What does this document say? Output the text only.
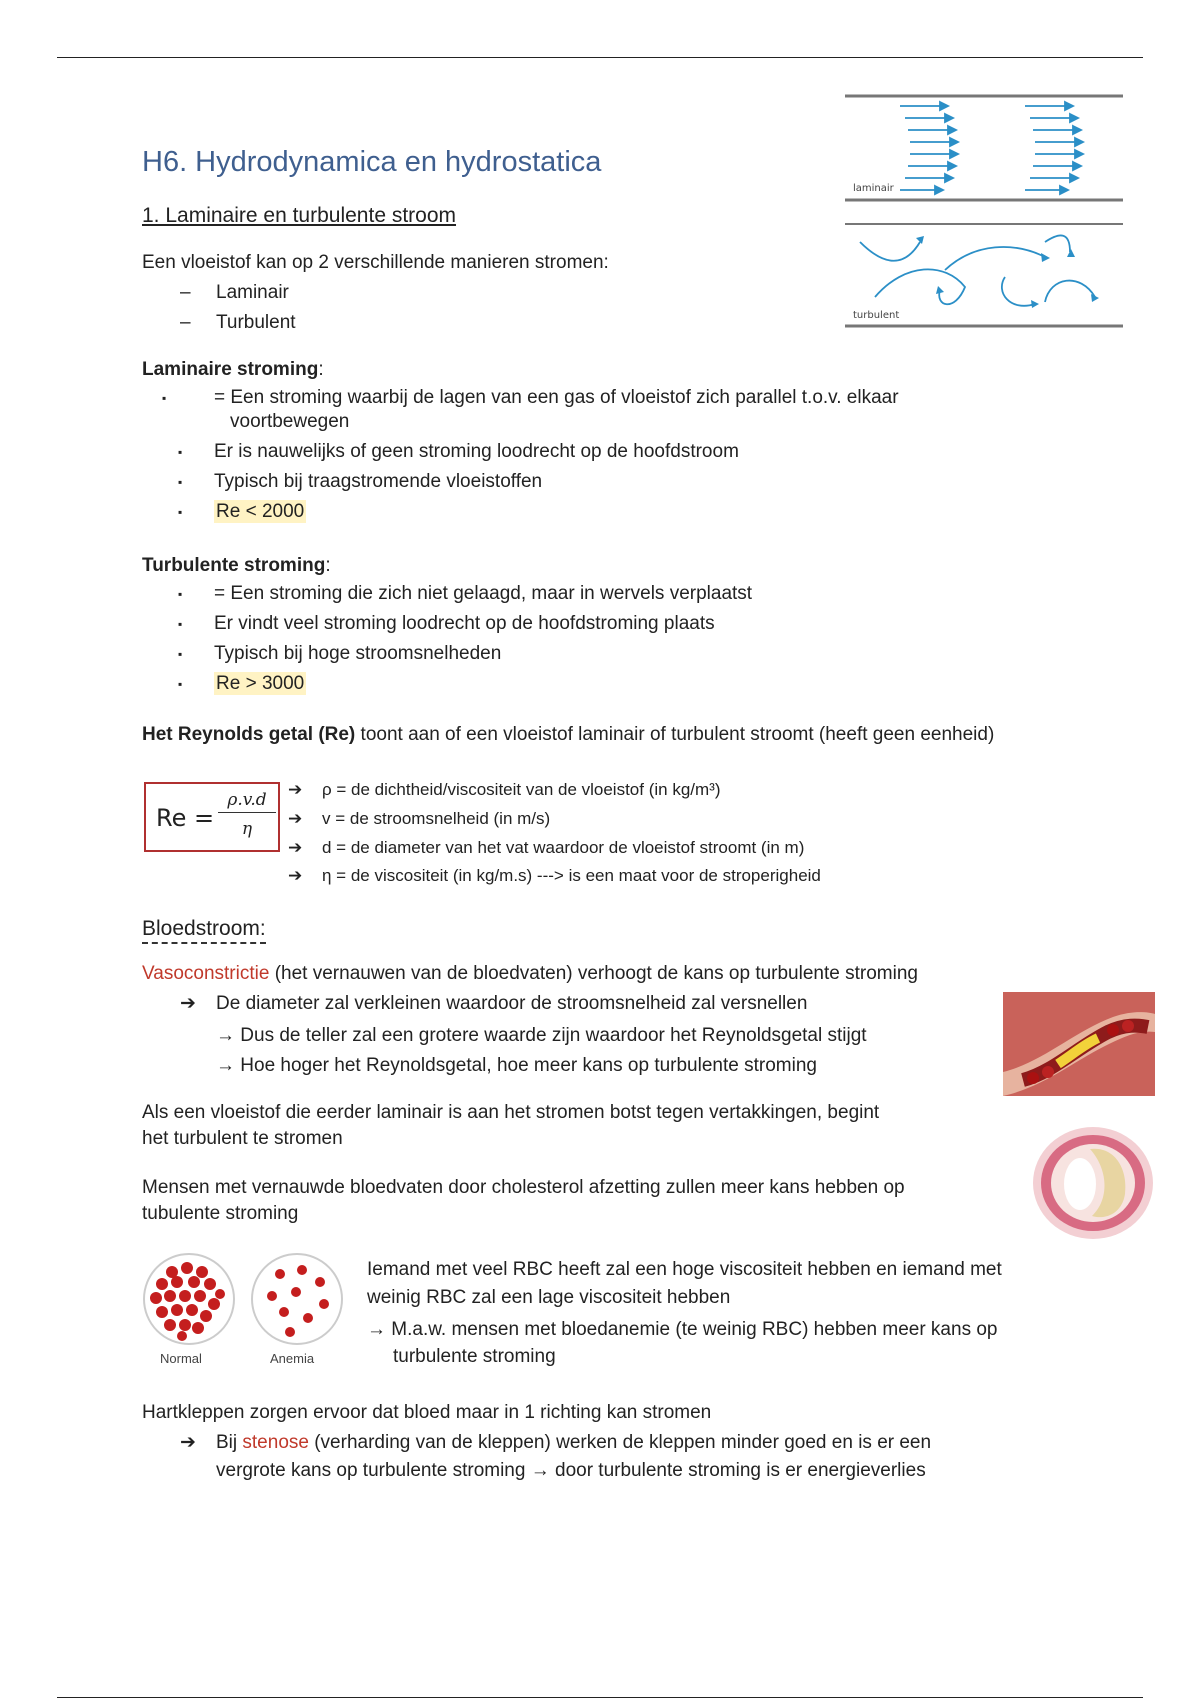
laminair
turbulent
H6. Hydrodynamica en hydrostatica
1. Laminaire en turbulente stroom
Een vloeistof kan op 2 verschillende manieren stromen:
– Laminair
– Turbulent
Laminaire stroming:
▪ = Een stroming waarbij de lagen van een gas of vloeistof zich parallel t.o.v. elkaar voortbewegen
▪ Er is nauwelijks of geen stroming loodrecht op de hoofdstroom
▪ Typisch bij traagstromende vloeistoffen
▪ Re < 2000
Turbulente stroming:
▪ = Een stroming die zich niet gelaagd, maar in wervels verplaatst
▪ Er vindt veel stroming loodrecht op de hoofdstroming plaats
▪ Typisch bij hoge stroomsnelheden
▪ Re > 3000
Het Reynolds getal (Re) toont aan of een vloeistof laminair of turbulent stroomt (heeft geen eenheid)
$Re = \frac{\rho.v.d}{\eta}$
➔ ρ = de dichtheid/viscositeit van de vloeistof (in kg/m³)
➔ v = de stroomsnelheid (in m/s)
➔ d = de diameter van het vat waardoor de vloeistof stroomt (in m)
➔ η = de viscositeit (in kg/m.s) ---> is een maat voor de stroperigheid
Bloedstroom:
Vasoconstrictie (het vernauwen van de bloedvaten) verhoogt de kans op turbulente stroming
➔ De diameter zal verkleinen waardoor de stroomsnelheid zal versnellen
→ Dus de teller zal een grotere waarde zijn waardoor het Reynoldsgetal stijgt
→ Hoe hoger het Reynoldsgetal, hoe meer kans op turbulente stroming
Als een vloeistof die eerder laminair is aan het stromen botst tegen vertakkingen, begint het turbulent te stromen
Mensen met vernauwde bloedvaten door cholesterol afzetting zullen meer kans hebben op tubulente stroming
Normal	Anemia
Iemand met veel RBC heeft zal een hoge viscositeit hebben en iemand met weinig RBC zal een lage viscositeit hebben
→ M.a.w. mensen met bloedanemie (te weinig RBC) hebben meer kans op turbulente stroming
Hartkleppen zorgen ervoor dat bloed maar in 1 richting kan stromen
➔	Bij stenose (verharding van de kleppen) werken de kleppen minder goed en is er een vergrote kans op turbulente stroming → door turbulente stroming is er energieverlies
